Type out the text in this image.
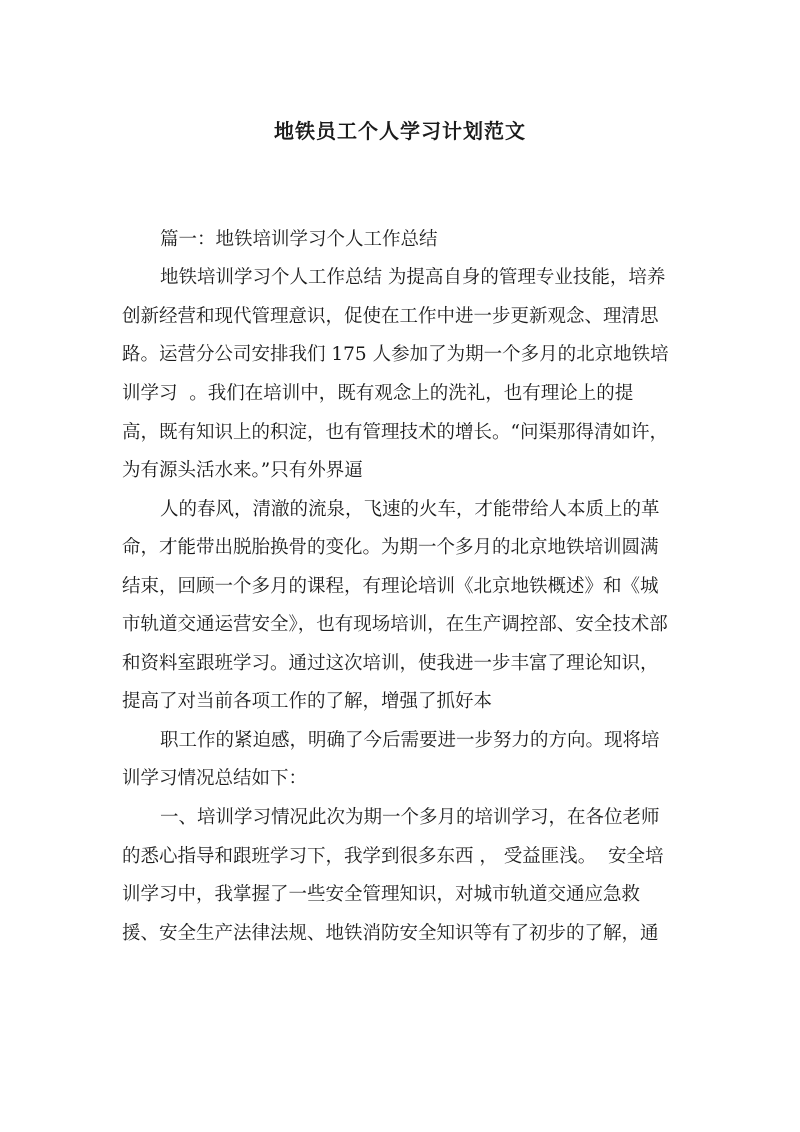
地铁员工个人学习计划范文
篇一：地铁培训学习个人工作总结
地铁培训学习个人工作总结 为提高自身的管理专业技能，培养
创新经营和现代管理意识，促使在工作中进一步更新观念、理清思
路。运营分公司安排我们 175 人参加了为期一个多月的北京地铁培
训学习  。我们在培训中，既有观念上的洗礼，也有理论上的提
高，既有知识上的积淀，也有管理技术的增长。“问渠那得清如许，
为有源头活水来。”只有外界逼
人的春风，清澈的流泉，飞速的火车，才能带给人本质上的革
命，才能带出脱胎换骨的变化。为期一个多月的北京地铁培训圆满
结束，回顾一个多月的课程，有理论培训《北京地铁概述》和《城
市轨道交通运营安全》，也有现场培训，在生产调控部、安全技术部
和资料室跟班学习。通过这次培训，使我进一步丰富了理论知识，
提高了对当前各项工作的了解，增强了抓好本
职工作的紧迫感，明确了今后需要进一步努力的方向。现将培
训学习情况总结如下：
一、培训学习情况此次为期一个多月的培训学习，在各位老师
的悉心指导和跟班学习下，我学到很多东西 ， 受益匪浅。  安全培
训学习中，我掌握了一些安全管理知识，对城市轨道交通应急救
援、安全生产法律法规、地铁消防安全知识等有了初步的了解，通
